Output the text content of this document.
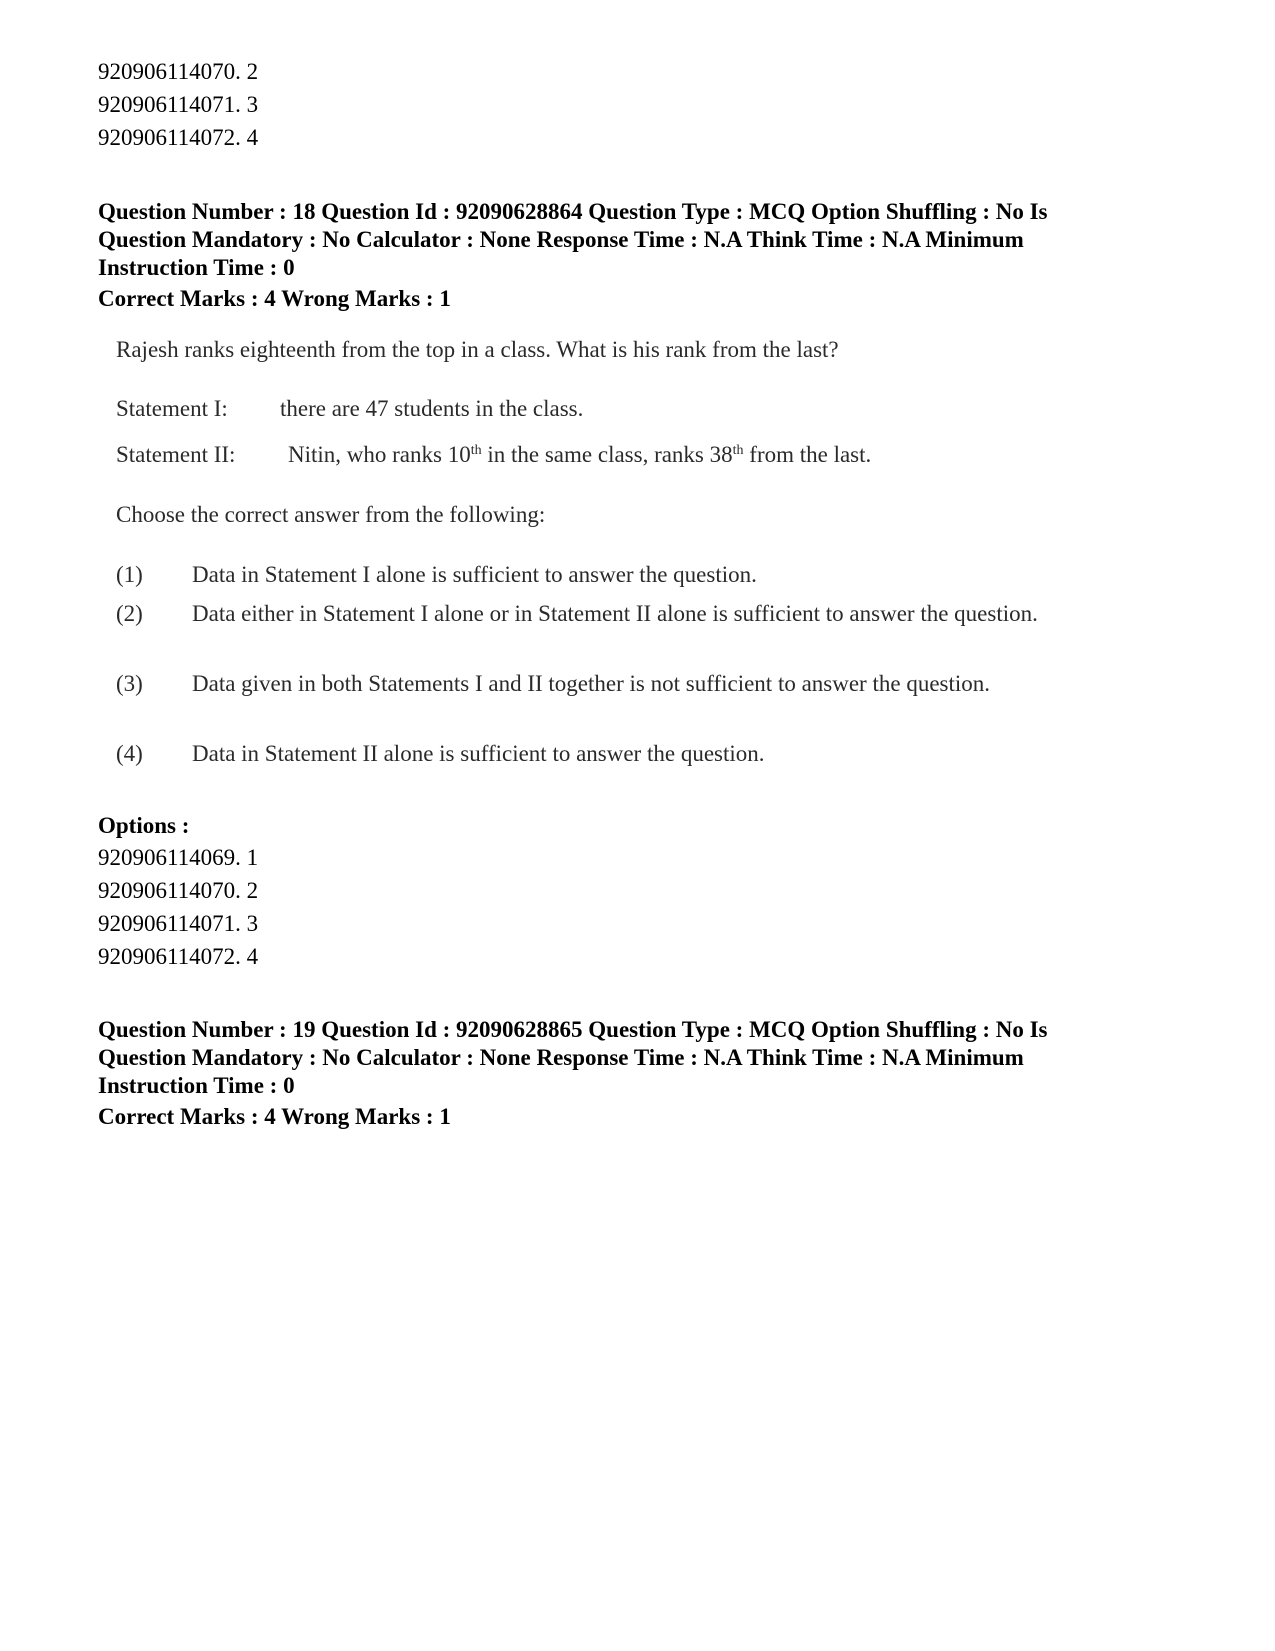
920906114070. 2
920906114071. 3
920906114072. 4
Question Number : 18 Question Id : 92090628864 Question Type : MCQ Option Shuffling : No Is
Question Mandatory : No Calculator : None Response Time : N.A Think Time : N.A Minimum
Instruction Time : 0
Correct Marks : 4 Wrong Marks : 1
Rajesh ranks eighteenth from the top in a class. What is his rank from the last?
Statement I: there are 47 students in the class.
Statement II: Nitin, who ranks 10th in the same class, ranks 38th from the last.
Choose the correct answer from the following:
(1) Data in Statement I alone is sufficient to answer the question.
(2) Data either in Statement I alone or in Statement II alone is sufficient to answer the question.
(3) Data given in both Statements I and II together is not sufficient to answer the question.
(4) Data in Statement II alone is sufficient to answer the question.
Options :
920906114069. 1
920906114070. 2
920906114071. 3
920906114072. 4
Question Number : 19 Question Id : 92090628865 Question Type : MCQ Option Shuffling : No Is
Question Mandatory : No Calculator : None Response Time : N.A Think Time : N.A Minimum
Instruction Time : 0
Correct Marks : 4 Wrong Marks : 1
